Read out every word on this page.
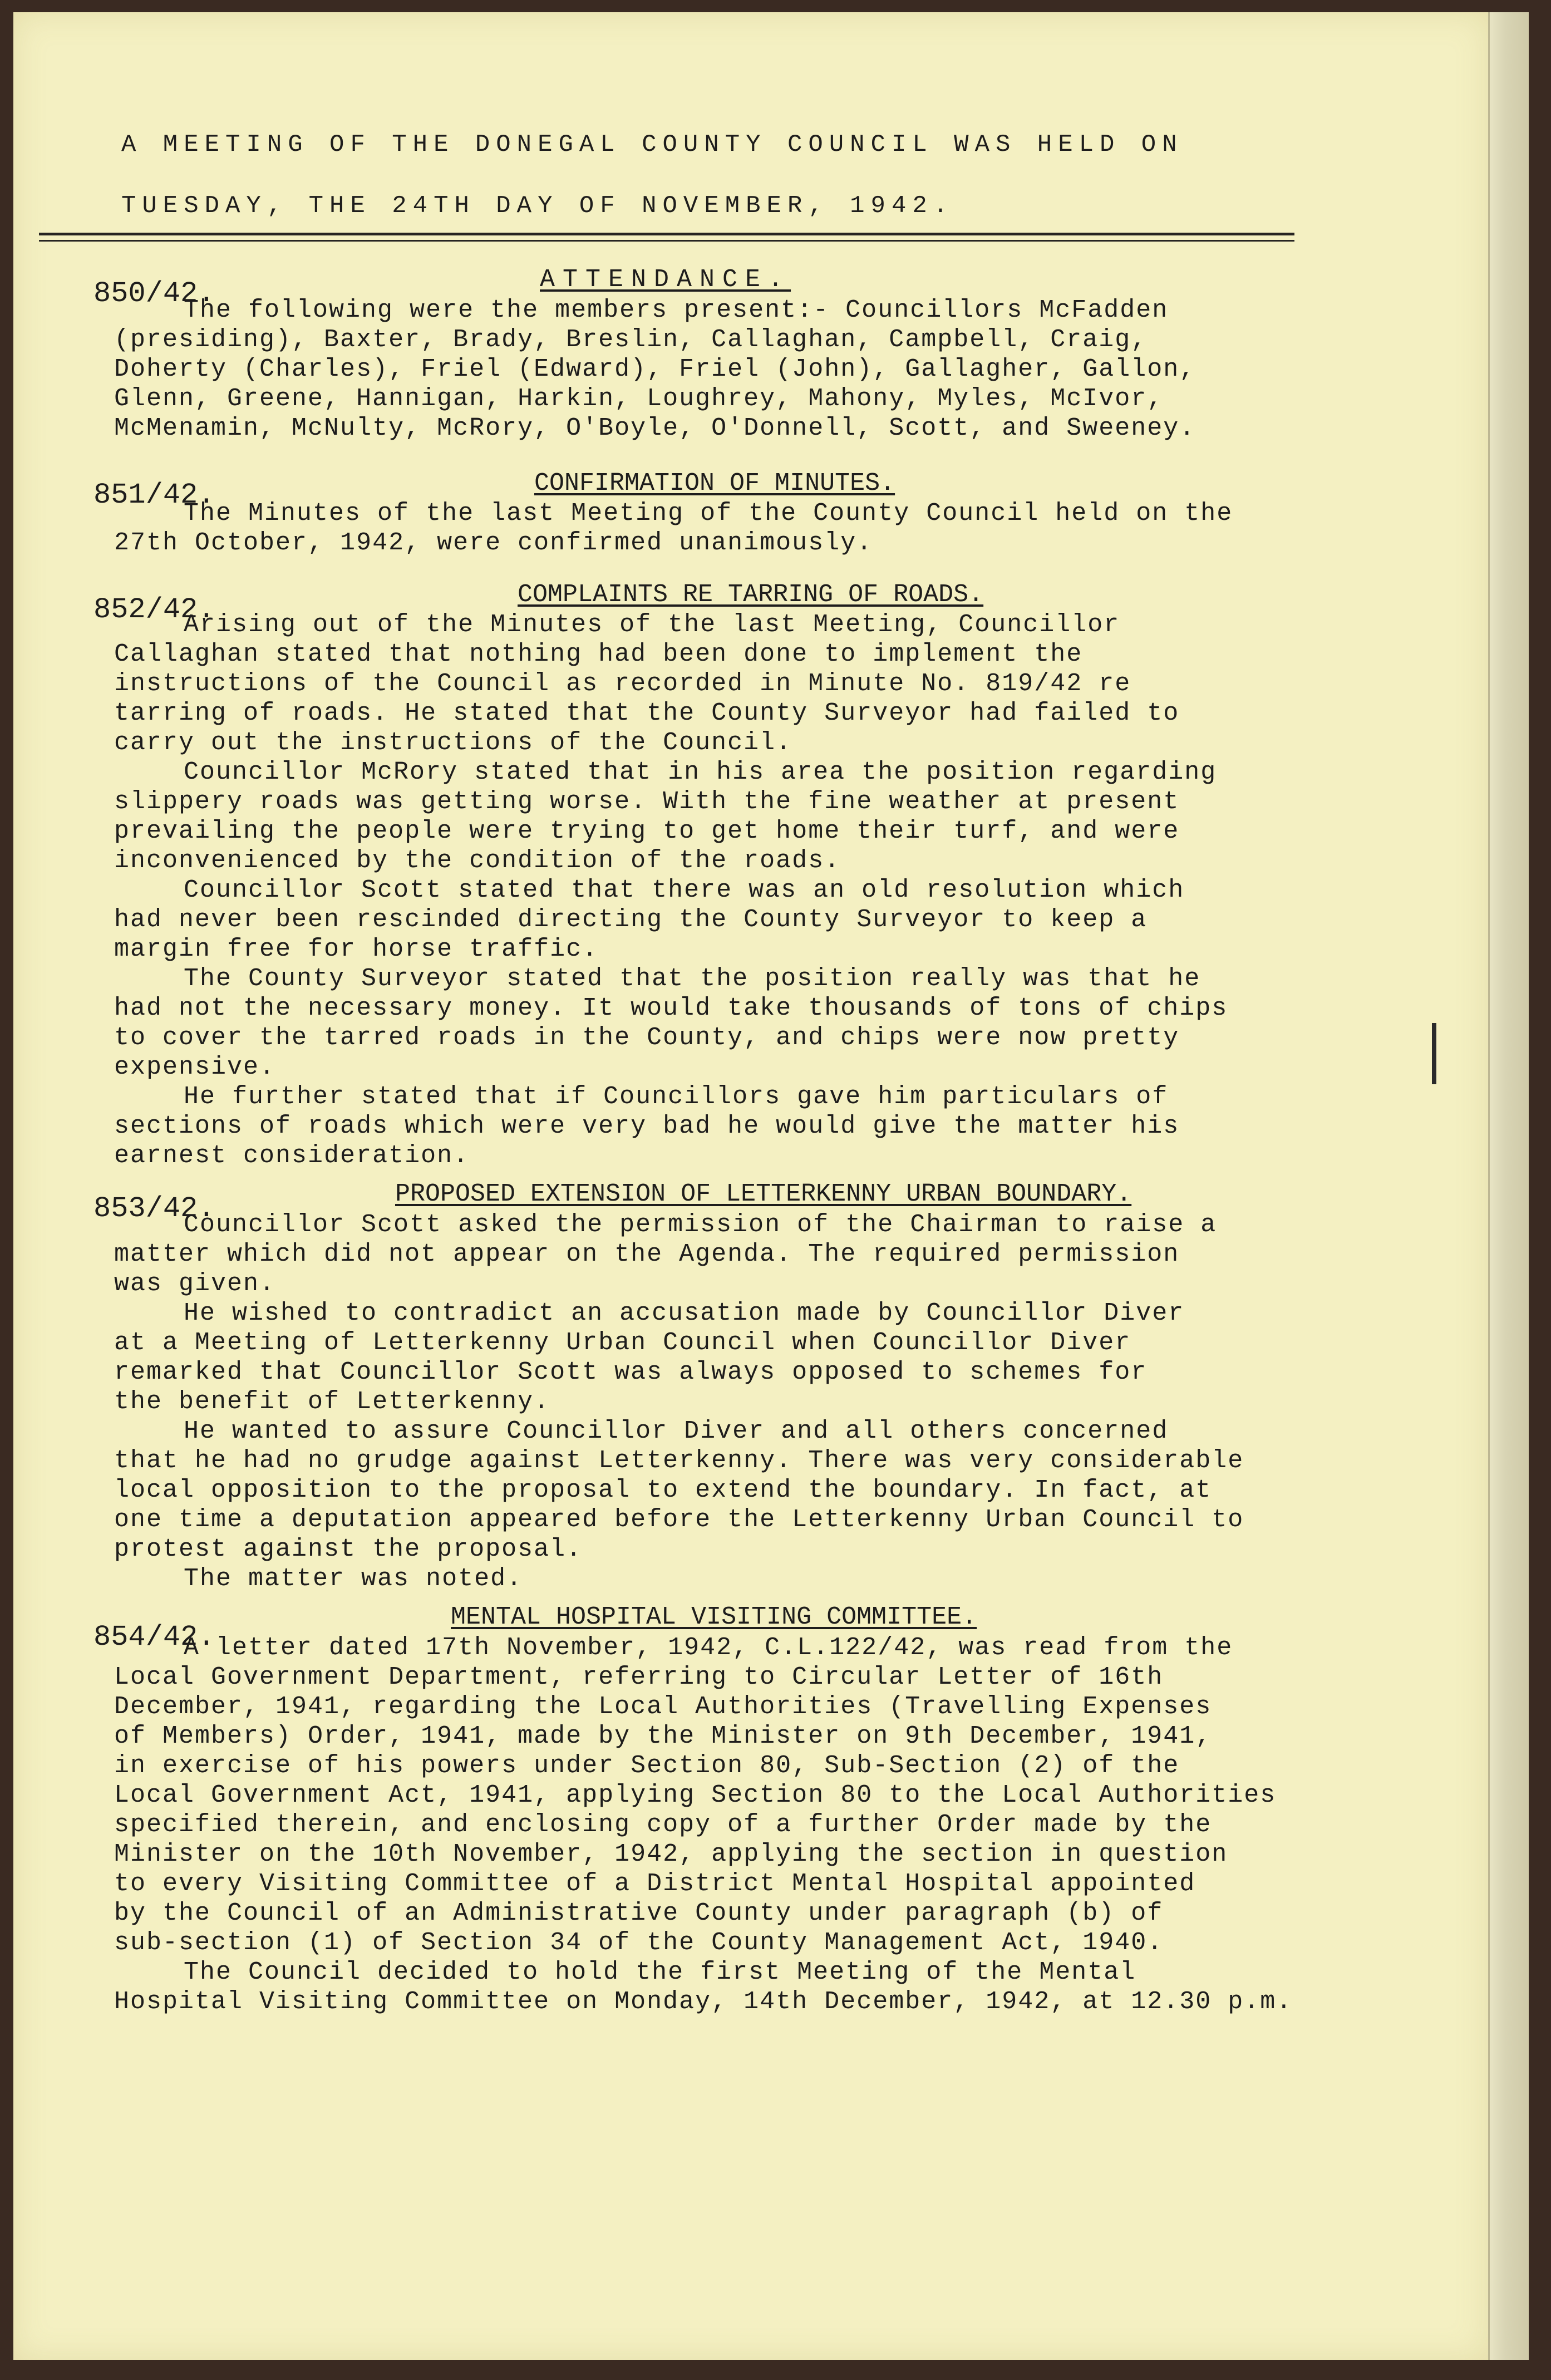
A MEETING OF THE DONEGAL COUNTY COUNCIL WAS HELD ON
TUESDAY, THE 24TH DAY OF NOVEMBER, 1942.
850/42.	ATTENDANCE.
The following were the members present:- Councillors McFadden
(presiding), Baxter, Brady, Breslin, Callaghan, Campbell, Craig,
Doherty (Charles), Friel (Edward), Friel (John), Gallagher, Gallon,
Glenn, Greene, Hannigan, Harkin, Loughrey, Mahony, Myles, McIvor,
McMenamin, McNulty, McRory, O'Boyle, O'Donnell, Scott, and Sweeney.
851/42.	CONFIRMATION OF MINUTES.
The Minutes of the last Meeting of the County Council held on the
27th October, 1942, were confirmed unanimously.
852/42.	COMPLAINTS RE TARRING OF ROADS.
Arising out of the Minutes of the last Meeting, Councillor
Callaghan stated that nothing had been done to implement the
instructions of the Council as recorded in Minute No. 819/42 re
tarring of roads. He stated that the County Surveyor had failed to
carry out the instructions of the Council.
Councillor McRory stated that in his area the position regarding
slippery roads was getting worse. With the fine weather at present
prevailing the people were trying to get home their turf, and were
inconvenienced by the condition of the roads.
Councillor Scott stated that there was an old resolution which
had never been rescinded directing the County Surveyor to keep a
margin free for horse traffic.
The County Surveyor stated that the position really was that he
had not the necessary money. It would take thousands of tons of chips
to cover the tarred roads in the County, and chips were now pretty
expensive.
He further stated that if Councillors gave him particulars of
sections of roads which were very bad he would give the matter his
earnest consideration.
853/42.	PROPOSED EXTENSION OF LETTERKENNY URBAN BOUNDARY.
Councillor Scott asked the permission of the Chairman to raise a
matter which did not appear on the Agenda. The required permission
was given.
He wished to contradict an accusation made by Councillor Diver
at a Meeting of Letterkenny Urban Council when Councillor Diver
remarked that Councillor Scott was always opposed to schemes for
the benefit of Letterkenny.
He wanted to assure Councillor Diver and all others concerned
that he had no grudge against Letterkenny. There was very considerable
local opposition to the proposal to extend the boundary. In fact, at
one time a deputation appeared before the Letterkenny Urban Council to
protest against the proposal.
The matter was noted.
854/42.
MENTAL HOSPITAL VISITING COMMITTEE.
A letter dated 17th November, 1942, C.L.122/42, was read from the
Local Government Department, referring to Circular Letter of 16th
December, 1941, regarding the Local Authorities (Travelling Expenses
of Members) Order, 1941, made by the Minister on 9th December, 1941,
in exercise of his powers under Section 80, Sub-Section (2) of the
Local Government Act, 1941, applying Section 80 to the Local Authorities
specified therein, and enclosing copy of a further Order made by the
Minister on the 10th November, 1942, applying the section in question
to every Visiting Committee of a District Mental Hospital appointed
by the Council of an Administrative County under paragraph (b) of
sub-section (1) of Section 34 of the County Management Act, 1940.
The Council decided to hold the first Meeting of the Mental
Hospital Visiting Committee on Monday, 14th December, 1942, at 12.30 p.m.
